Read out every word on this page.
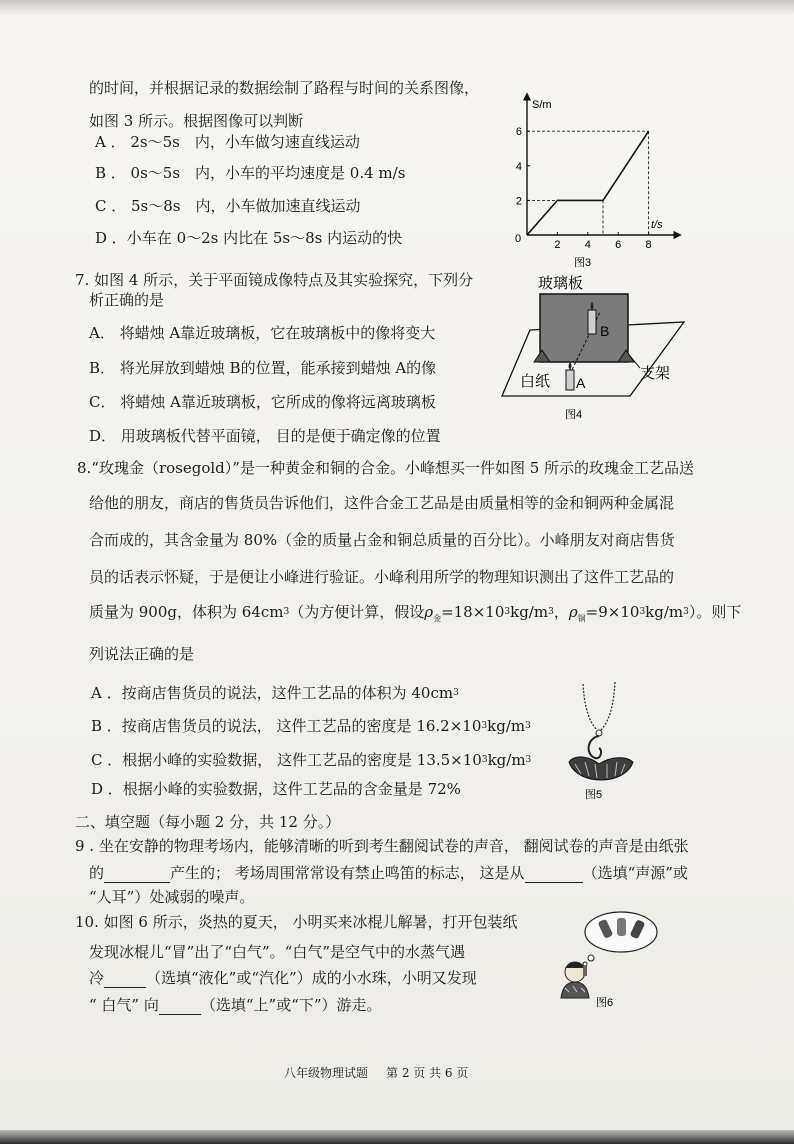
的时间，并根据记录的数据绘制了路程与时间的关系图像，
如图 3 所示。根据图像可以判断
A ． 2s～5s　内，小车做匀速直线运动
B ． 0s～5s　内，小车的平均速度是 0.4 m/s
C ． 5s～8s　内，小车做加速直线运动
D ．小车在 0～2s 内比在 5s～8s 内运动的快	2 4 6 8
2
4
6
S/m
t/s
0
图3
7. 如图 4 所示，关于平面镜成像特点及其实验探究，下列分
析正确的是
A． 将蜡烛 A靠近玻璃板，它在玻璃板中的像将变大
B． 将光屏放到蜡烛 B的位置，能承接到蜡烛 A的像
C． 将蜡烛 A靠近玻璃板，它所成的像将远离玻璃板
D． 用玻璃板代替平面镜， 目的是便于确定像的位置
玻璃板
B
A
白纸	支架
图4
8.“玫瑰金（rosegold）”是一种黄金和铜的合金。小峰想买一件如图 5 所示的玫瑰金工艺品送
给他的朋友，商店的售货员告诉他们，这件合金工艺品是由质量相等的金和铜两种金属混
合而成的，其含金量为 80%（金的质量占金和铜总质量的百分比）。小峰朋友对商店售货
员的话表示怀疑，于是便让小峰进行验证。小峰利用所学的物理知识测出了这件工艺品的
质量为 900g，体积为 $64cm^3$（为方便计算，假设$\rho_金=18\times 10^3kg/m^3$，$\rho_铜=9\times 10^3kg/m^3$）。则下
列说法正确的是
A ．按商店售货员的说法，这件工艺品的体积为 $40cm^3$
B ．按商店售货员的说法， 这件工艺品的密度是 $16.2\times 10^3kg/m^3$
C ．根据小峰的实验数据， 这件工艺品的密度是 $13.5\times 10^3kg/m^3$
D ．根据小峰的实验数据，这件工艺品的含金量是 72%	图5
二、填空题（每小题 2 分，共 12 分。）
9 . 坐在安静的物理考场内，能够清晰的听到考生翻阅试卷的声音， 翻阅试卷的声音是由纸张
的	产生的； 考场周围常常设有禁止鸣笛的标志， 这是从	（选填“声源”或
“人耳”）处减弱的噪声。
10. 如图 6 所示，炎热的夏天， 小明买来冰棍儿解暑，打开包装纸
发现冰棍儿“冒”出了“白气”。“白气”是空气中的水蒸气遇
冷	（选填“液化”或“汽化”）成的小水珠，小明又发现
“ 白气” 向	（选填“上”或“下”）游走。	图6
八年级物理试题 第 2 页 共 6 页
